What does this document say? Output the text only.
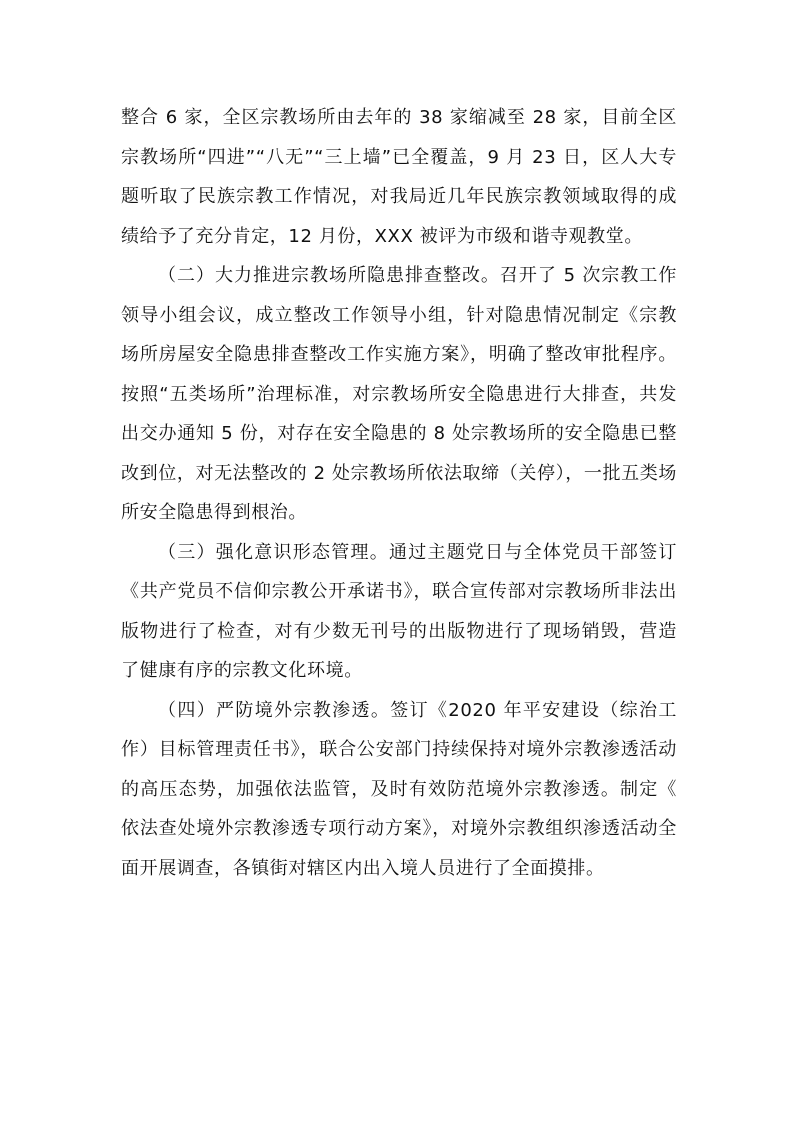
整合 6 家，全区宗教场所由去年的 38 家缩减至 28 家，目前全区宗教场所“四进”“八无”“三上墙”已全覆盖，9 月 23 日，区人大专题听取了民族宗教工作情况，对我局近几年民族宗教领域取得的成绩给予了充分肯定，12 月份，XXX 被评为市级和谐寺观教堂。

（二）大力推进宗教场所隐患排查整改。召开了 5 次宗教工作领导小组会议，成立整改工作领导小组，针对隐患情况制定《宗教场所房屋安全隐患排查整改工作实施方案》，明确了整改审批程序。按照“五类场所”治理标准，对宗教场所安全隐患进行大排查，共发出交办通知 5 份，对存在安全隐患的 8 处宗教场所的安全隐患已整改到位，对无法整改的 2 处宗教场所依法取缔（关停），一批五类场所安全隐患得到根治。

（三）强化意识形态管理。通过主题党日与全体党员干部签订《共产党员不信仰宗教公开承诺书》，联合宣传部对宗教场所非法出版物进行了检查，对有少数无刊号的出版物进行了现场销毁，营造了健康有序的宗教文化环境。

（四）严防境外宗教渗透。签订《2020 年平安建设（综治工作）目标管理责任书》，联合公安部门持续保持对境外宗教渗透活动的高压态势，加强依法监管，及时有效防范境外宗教渗透。制定《依法查处境外宗教渗透专项行动方案》，对境外宗教组织渗透活动全面开展调查，各镇街对辖区内出入境人员进行了全面摸排。
